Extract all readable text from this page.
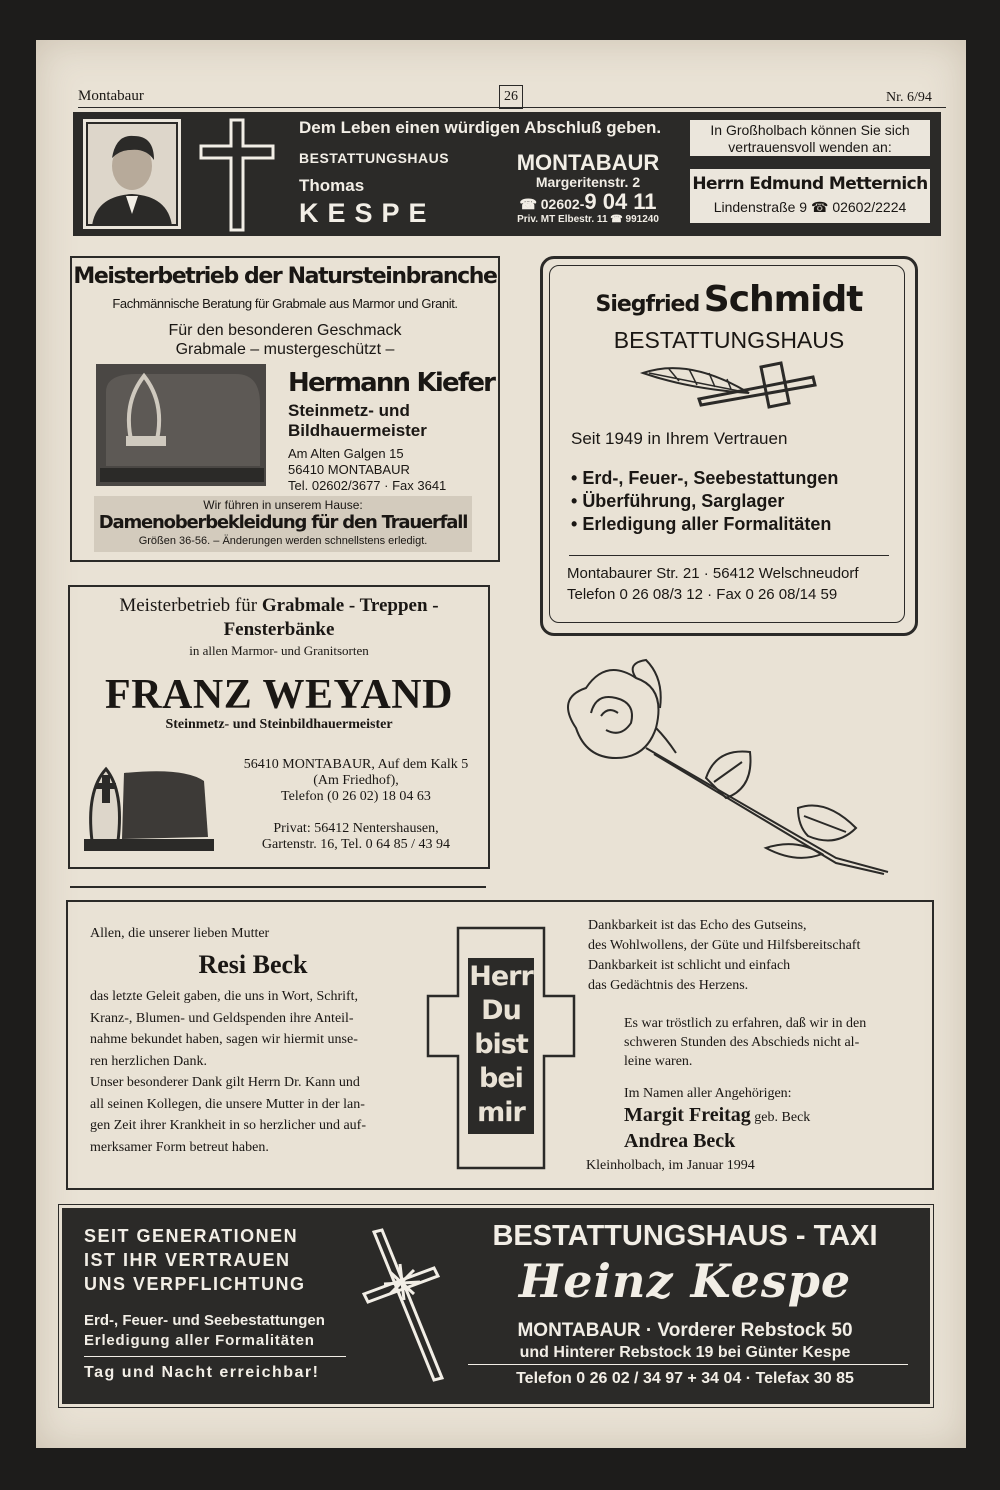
Montabaur	26	Nr. 6/94
Dem Leben einen würdigen Abschluß geben.
BESTATTUNGSHAUS
Thomas
KESPE
MONTABAUR
Margeritenstr. 2
☎ 02602-9 04 11
Priv. MT Elbestr. 11 ☎ 991240
In Großholbach können Sie sich vertrauensvoll wenden an:
Herrn Edmund Metternich
Lindenstraße 9 ☎ 02602/2224
Meisterbetrieb der Natursteinbranche
Fachmännische Beratung für Grabmale aus Marmor und Granit.
Für den besonderen Geschmack
Grabmale – mustergeschützt –
Hermann Kiefer
Steinmetz- und
Bildhauermeister
Am Alten Galgen 15
56410 MONTABAUR
Tel. 02602/3677 · Fax 3641
Wir führen in unserem Hause:
Damenoberbekleidung für den Trauerfall
Größen 36-56. – Änderungen werden schnellstens erledigt.
Siegfried Schmidt
BESTATTUNGSHAUS
Seit 1949 in Ihrem Vertrauen
• Erd-, Feuer-, Seebestattungen
• Überführung, Sarglager
• Erledigung aller Formalitäten
Montabaurer Str. 21 · 56412 Welschneudorf
Telefon 0 26 08/3 12 · Fax 0 26 08/14 59
Meisterbetrieb für Grabmale - Treppen -
Fensterbänke
in allen Marmor- und Granitsorten
FRANZ WEYAND
Steinmetz- und Steinbildhauermeister
56410 MONTABAUR, Auf dem Kalk 5
(Am Friedhof),
Telefon (0 26 02) 18 04 63
Privat: 56412 Nentershausen,
Gartenstr. 16, Tel. 0 64 85 / 43 94
Allen, die unserer lieben Mutter
Resi Beck
das letzte Geleit gaben, die uns in Wort, Schrift,
Kranz-, Blumen- und Geldspenden ihre Anteil-
nahme bekundet haben, sagen wir hiermit unse-
ren herzlichen Dank.
Unser besonderer Dank gilt Herrn Dr. Kann und
all seinen Kollegen, die unsere Mutter in der lan-
gen Zeit ihrer Krankheit in so herzlicher und auf-
merksamer Form betreut haben.
Herr
Du
bist
bei
mir
Dankbarkeit ist das Echo des Gutseins,
des Wohlwollens, der Güte und Hilfsbereitschaft
Dankbarkeit ist schlicht und einfach
das Gedächtnis des Herzens.
Es war tröstlich zu erfahren, daß wir in den
schweren Stunden des Abschieds nicht al-
leine waren.
Im Namen aller Angehörigen:
Margit Freitag geb. Beck
Andrea Beck
Kleinholbach, im Januar 1994
SEIT GENERATIONEN
IST IHR VERTRAUEN
UNS VERPFLICHTUNG
Erd-, Feuer- und Seebestattungen
Erledigung aller Formalitäten
Tag und Nacht erreichbar!
BESTATTUNGSHAUS - TAXI
Heinz Kespe
MONTABAUR · Vorderer Rebstock 50
und Hinterer Rebstock 19 bei Günter Kespe
Telefon 0 26 02 / 34 97 + 34 04 · Telefax 30 85
